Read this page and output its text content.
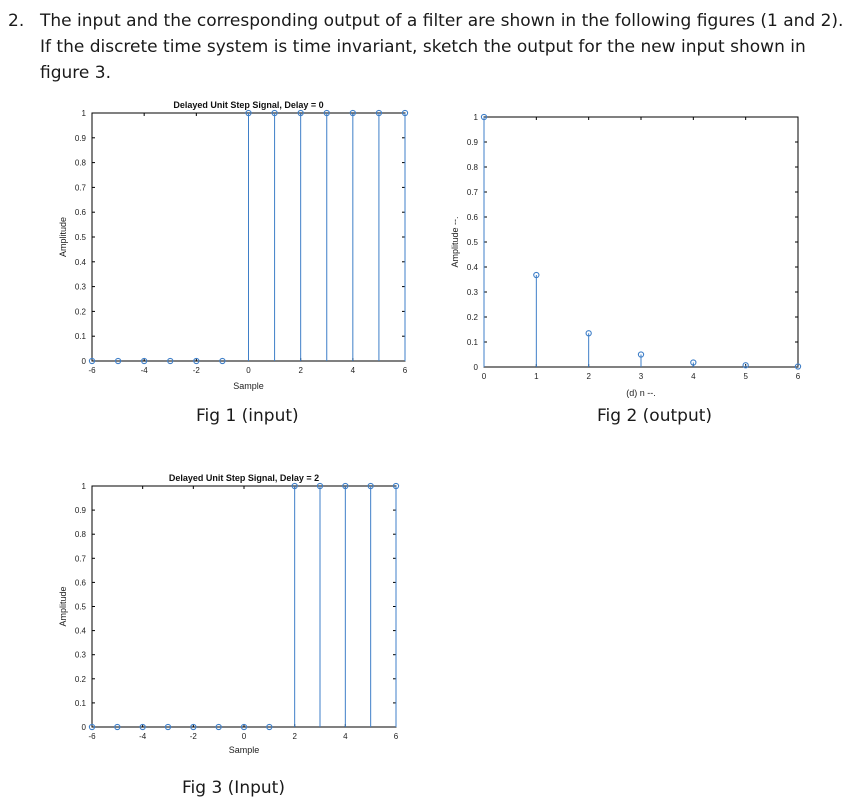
2. The input and the corresponding output of a filter are shown in the following figures (1 and 2). If the discrete time system is time invariant, sketch the output for the new input shown in figure 3.
-6	-4	-2	0	2	4	6
0
0.1
0.2
0.3
0.4
0.5
0.6
0.7
0.8
0.9
1
Delayed Unit Step Signal, Delay = 0
Sample
Amplitude
0	1	2	3	4	5	6
0
0.1
0.2
0.3
0.4
0.5
0.6
0.7
0.8
0.9
1
(d) n --.
Amplitude --.
-6	-4	-2	0	2	4	6
0
0.1
0.2
0.3
0.4
0.5
0.6
0.7
0.8
0.9
1
Delayed Unit Step Signal, Delay = 2
Sample
Amplitude
Fig 1 (input)	Fig 2 (output)
Fig 3 (Input)
